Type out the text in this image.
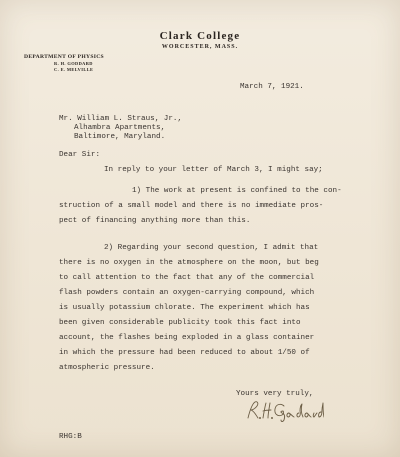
Clark College
WORCESTER, MASS.
DEPARTMENT OF PHYSICS
R. H. GODDARD
C. E. MELVILLE
March 7, 1921.
Mr. William L. Straus, Jr.,
Alhambra Apartments,
Baltimore, Maryland.
Dear Sir:
In reply to your letter of March 3, I might say;
1) The work at present is confined to the con-
struction of a small model and there is no immediate pros-
pect of financing anything more than this.
2) Regarding your second question, I admit that
there is no oxygen in the atmosphere on the moon, but beg
to call attention to the fact that any of the commercial
flash powders contain an oxygen-carrying compound, which
is usually potassium chlorate. The experiment which has
been given considerable publicity took this fact into
account, the flashes being exploded in a glass container
in which the pressure had been reduced to about 1/50 of
atmospheric pressure.
Yours very truly,
RHG:B
